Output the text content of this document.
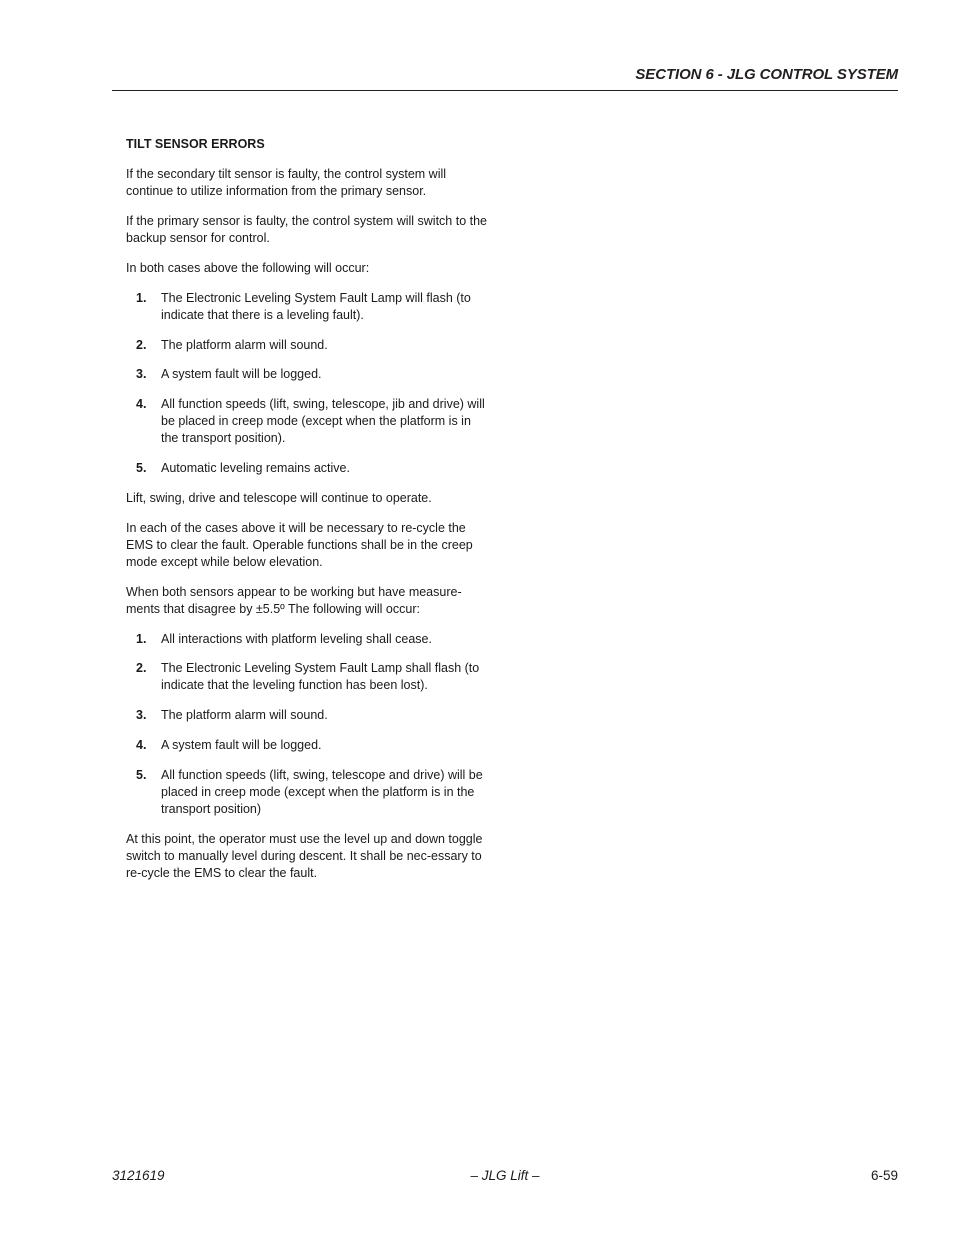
SECTION 6 - JLG CONTROL SYSTEM
TILT SENSOR ERRORS

If the secondary tilt sensor is faulty, the control system will continue to utilize information from the primary sensor.

If the primary sensor is faulty, the control system will switch to the backup sensor for control.

In both cases above the following will occur:

1.	The Electronic Leveling System Fault Lamp will flash (to indicate that there is a leveling fault).
2.	The platform alarm will sound.
3.	A system fault will be logged.
4.	All function speeds (lift, swing, telescope, jib and drive) will be placed in creep mode (except when the platform is in the transport position).
5.	Automatic leveling remains active.

Lift, swing, drive and telescope will continue to operate.

In each of the cases above it will be necessary to re-cycle the EMS to clear the fault. Operable functions shall be in the creep mode except while below elevation.

When both sensors appear to be working but have measure-ments that disagree by ±5.5º The following will occur:

1.	All interactions with platform leveling shall cease.
2.	The Electronic Leveling System Fault Lamp shall flash (to indicate that the leveling function has been lost).
3.	The platform alarm will sound.
4.	A system fault will be logged.
5.	All function speeds (lift, swing, telescope and drive) will be placed in creep mode (except when the platform is in the transport position)

At this point, the operator must use the level up and down toggle switch to manually level during descent. It shall be nec-essary to re-cycle the EMS to clear the fault.

3121619	– JLG Lift –	6-59
